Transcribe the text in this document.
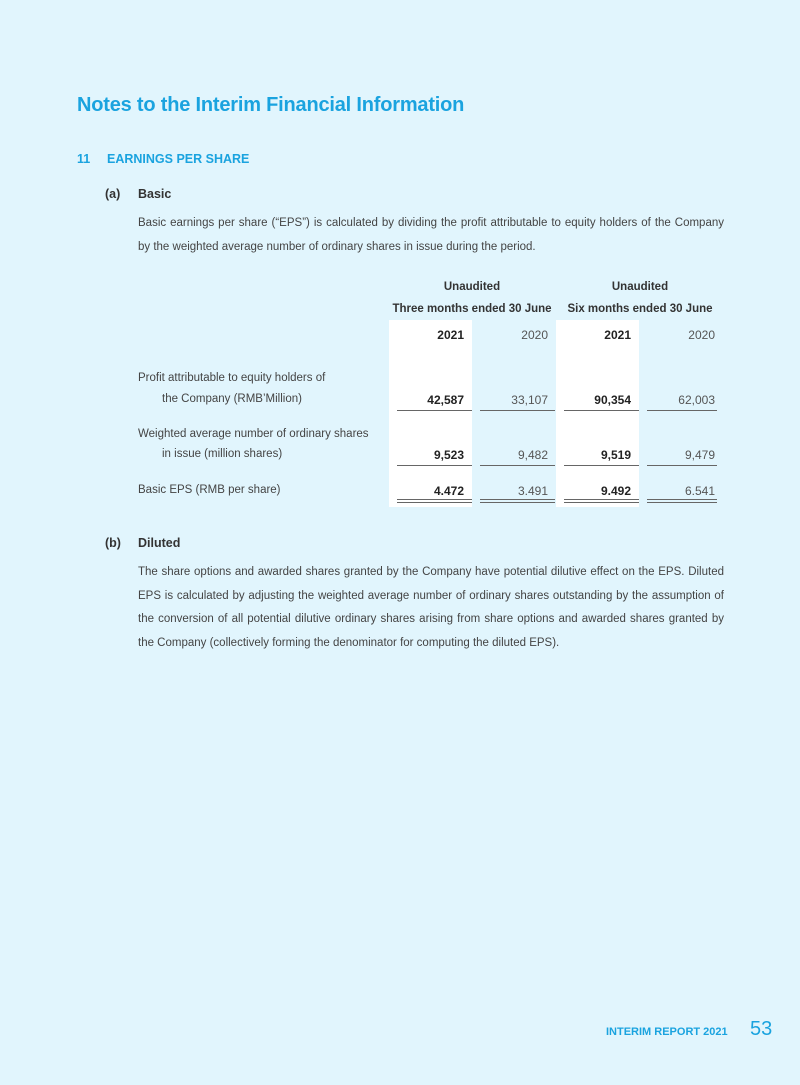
Notes to the Interim Financial Information
11 EARNINGS PER SHARE
(a) Basic
Basic earnings per share (“EPS”) is calculated by dividing the profit attributable to equity holders of the Company by the weighted average number of ordinary shares in issue during the period.
Unaudited
Three months ended 30 June
Unaudited
Six months ended 30 June
2021	2020	2021	2020
Profit attributable to equity holders of
the Company (RMB’Million)	42,587	33,107	90,354	62,003
Weighted average number of ordinary shares
in issue (million shares)	9,523	9,482	9,519	9,479
Basic EPS (RMB per share)	4.472	3.491	9.492	6.541
(b) Diluted
The share options and awarded shares granted by the Company have potential dilutive effect on the EPS. Diluted EPS is calculated by adjusting the weighted average number of ordinary shares outstanding by the assumption of the conversion of all potential dilutive ordinary shares arising from share options and awarded shares granted by the Company (collectively forming the denominator for computing the diluted EPS).
INTERIM REPORT 2021 53
